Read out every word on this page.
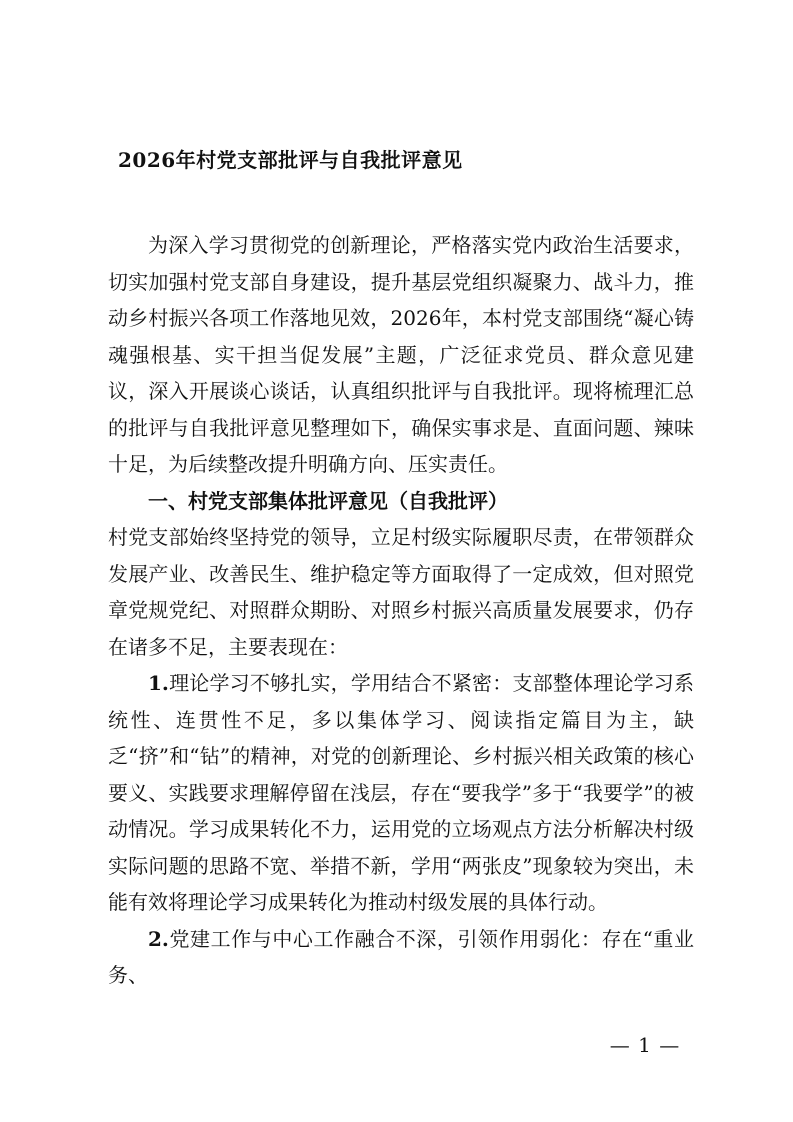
2026年村党支部批评与自我批评意见

为深入学习贯彻党的创新理论，严格落实党内政治生活要求，切实加强村党支部自身建设，提升基层党组织凝聚力、战斗力，推动乡村振兴各项工作落地见效，2026年，本村党支部围绕“凝心铸魂强根基、实干担当促发展”主题，广泛征求党员、群众意见建议，深入开展谈心谈话，认真组织批评与自我批评。现将梳理汇总的批评与自我批评意见整理如下，确保实事求是、直面问题、辣味十足，为后续整改提升明确方向、压实责任。

一、村党支部集体批评意见（自我批评）

村党支部始终坚持党的领导，立足村级实际履职尽责，在带领群众发展产业、改善民生、维护稳定等方面取得了一定成效，但对照党章党规党纪、对照群众期盼、对照乡村振兴高质量发展要求，仍存在诸多不足，主要表现在：

1.理论学习不够扎实，学用结合不紧密：支部整体理论学习系统性、连贯性不足，多以集体学习、阅读指定篇目为主，缺乏“挤”和“钻”的精神，对党的创新理论、乡村振兴相关政策的核心要义、实践要求理解停留在浅层，存在“要我学”多于“我要学”的被动情况。学习成果转化不力，运用党的立场观点方法分析解决村级实际问题的思路不宽、举措不新，学用“两张皮”现象较为突出，未能有效将理论学习成果转化为推动村级发展的具体行动。

2.党建工作与中心工作融合不深，引领作用弱化：存在“重业务、

— 1 —
